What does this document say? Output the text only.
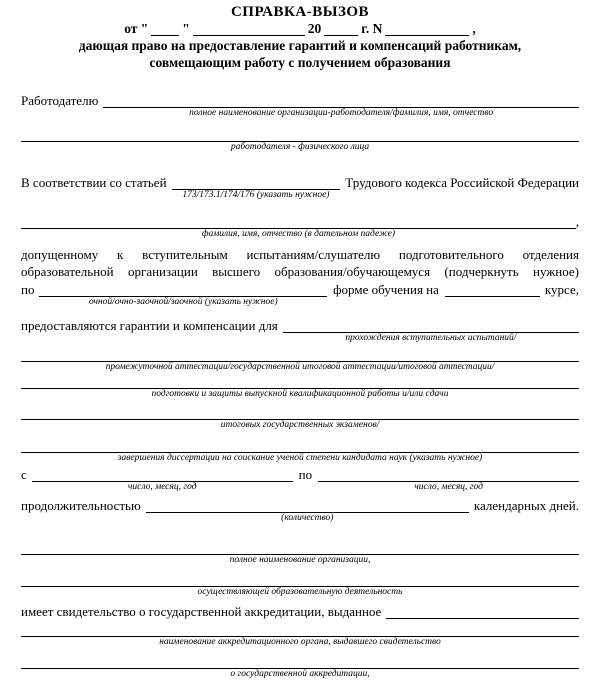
СПРАВКА-ВЫЗОВ
от "	"	20	г. N	,
дающая право на предоставление гарантий и компенсаций работникам,
совмещающим работу с получением образования
Работодателю
полное наименование организации-работодателя/фамилия, имя, отчество
работодателя - физического лица
В соответствии со статьей
173/173.1/174/176 (указать нужное)
Трудового кодекса Российской Федерации
фамилия, имя, отчество (в дательном падеже)
,
допущенному к вступительным испытаниям/слушателю подготовительного отделения
образовательной организации высшего образования/обучающемуся (подчеркнуть нужное)
по
очной/очно-заочной/заочной (указать нужное)
форме обучения на	курсе,
предоставляются гарантии и компенсации для
прохождения вступительных испытаний/
промежуточной аттестации/государственной итоговой аттестации/итоговой аттестации/
подготовки и защиты выпускной квалификационной работы и/или сдачи
итоговых государственных экзаменов/
завершения диссертации на соискание ученой степени кандидата наук (указать нужное)
с
число, месяц, год
по
число, месяц, год
продолжительностью
(количество)
календарных дней.
полное наименование организации,
осуществляющей образовательную деятельность
имеет свидетельство о государственной аккредитации, выданное
наименование аккредитационного органа, выдавшего свидетельство
о государственной аккредитации,
